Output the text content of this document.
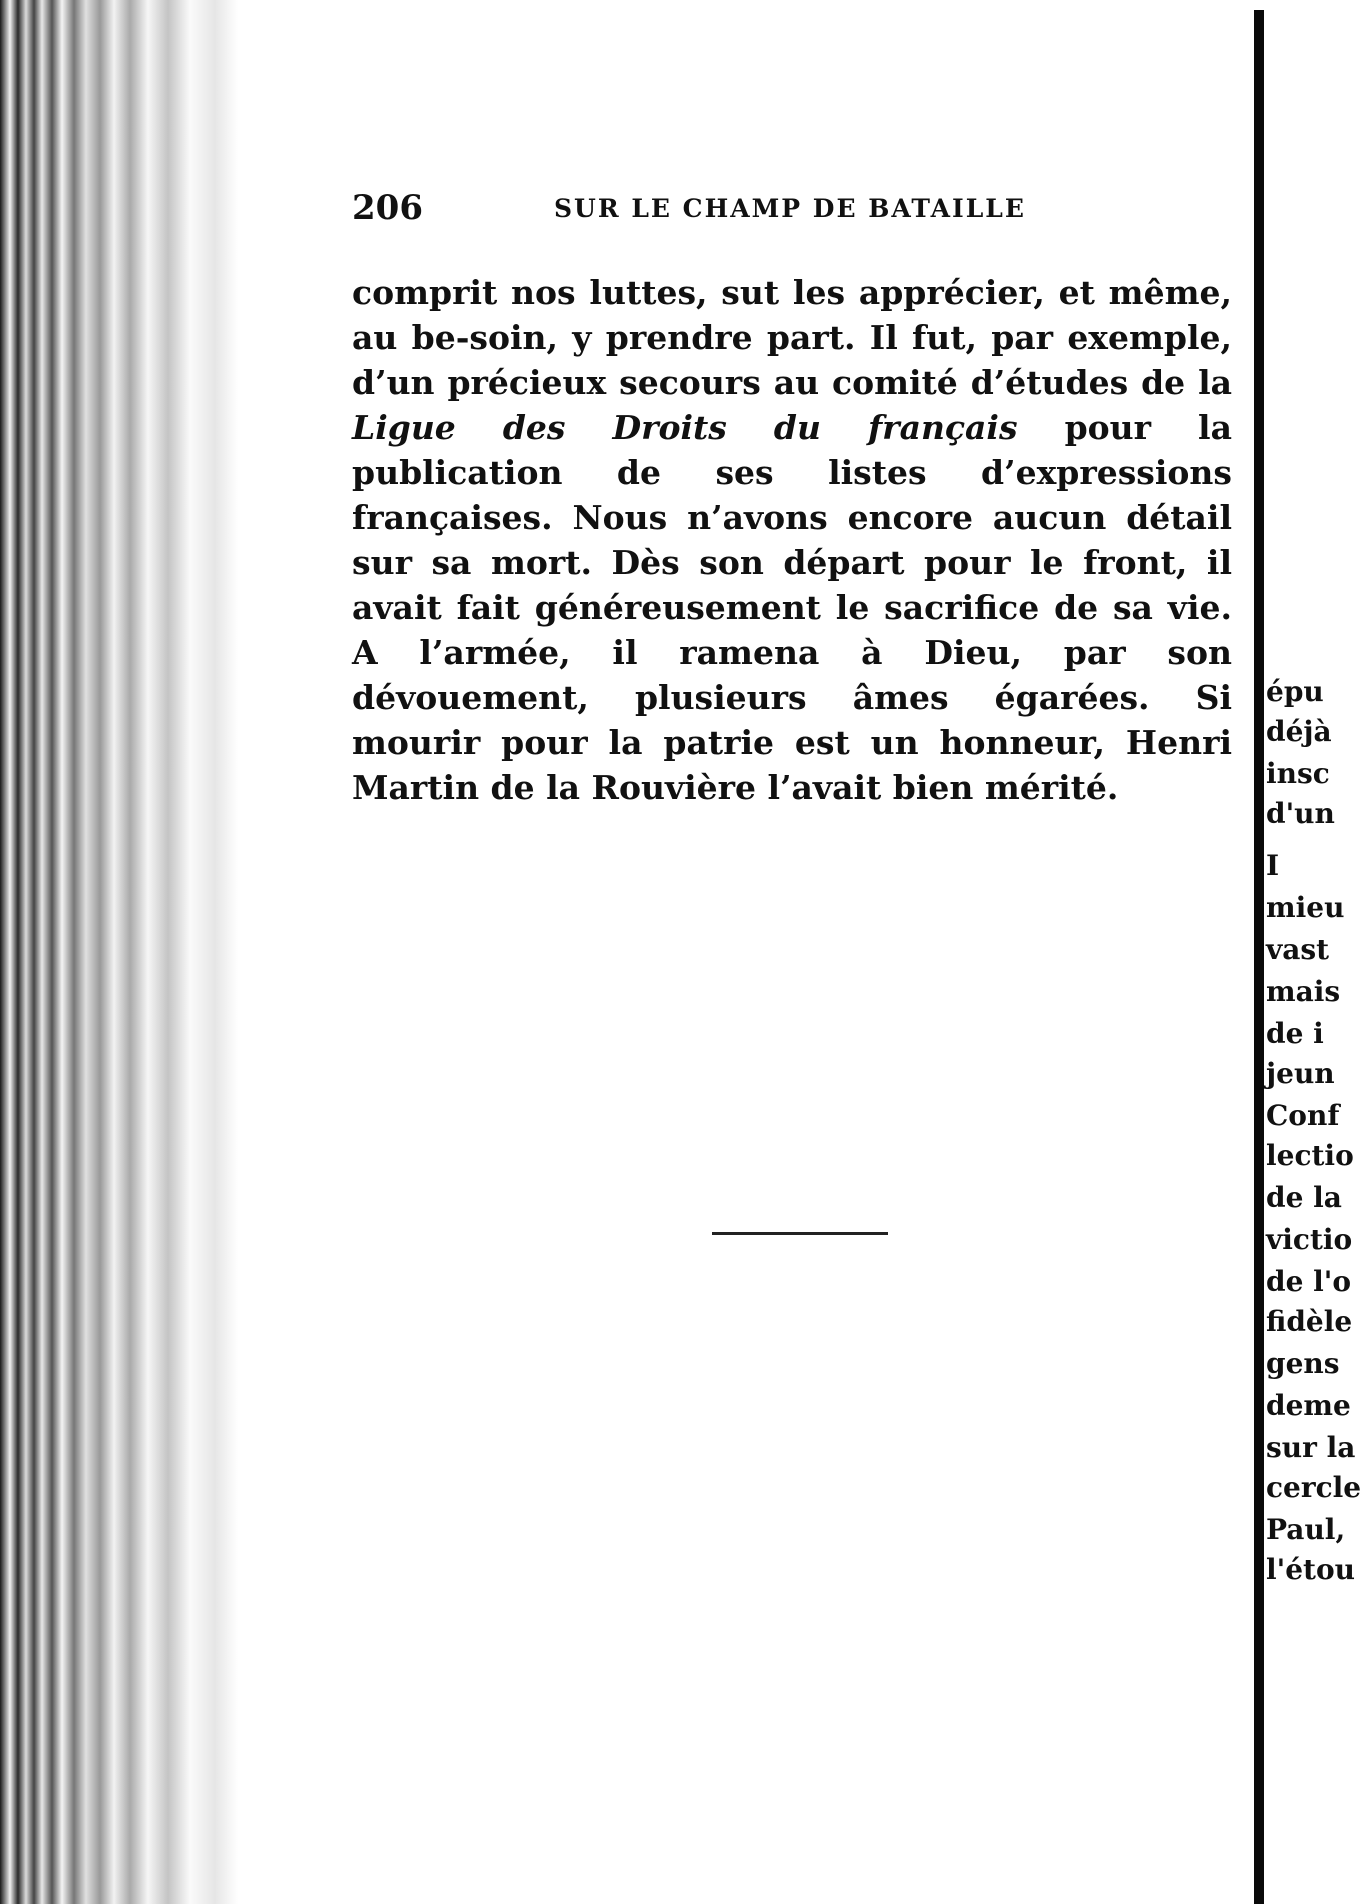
206	SUR LE CHAMP DE BATAILLE

comprit nos luttes, sut les apprécier, et même, au be-soin, y prendre part. Il fut, par exemple, d’un précieux secours au comité d’études de la Ligue des Droits du français pour la publication de ses listes d’expressions françaises. Nous n’avons encore aucun détail sur sa mort. Dès son départ pour le front, il avait fait généreusement le sacrifice de sa vie. A l’armée, il ramena à Dieu, par son dévouement, plusieurs âmes égarées. Si mourir pour la patrie est un honneur, Henri Martin de la Rouvière l’avait bien mérité.

épu
déjà
insc
d'un
I
mieu
vast
mais
de i
jeun
Conf
lectio
de la
victio
de l'o
fidèle
gens
deme
sur la
cercle
Paul,
l'étou
